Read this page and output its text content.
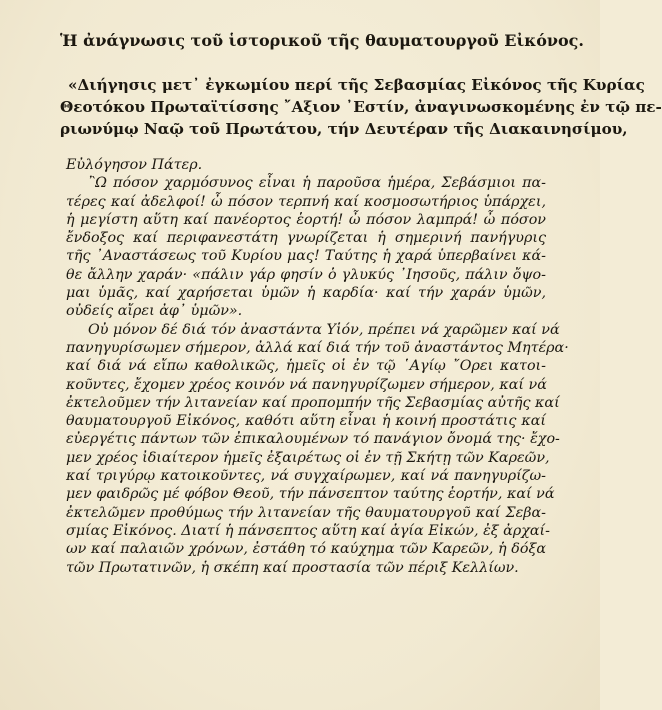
Ἡ ἀνάγνωσις τοῦ ἱστορικοῦ τῆς θαυματουργοῦ Εἰκόνος.
«Διήγησις μετ᾽ ἐγκωμίου περί τῆς Σεβασμίας Εἰκόνος τῆς Κυρίας
Θεοτόκου Πρωταϊτίσσης ῎Αξιον ᾽Εστίν, ἀναγινωσκομένης ἐν τῷ πε-
ριωνύμῳ Ναῷ τοῦ Πρωτάτου, τήν Δευτέραν τῆς Διακαινησίμου,
Εὐλόγησον Πάτερ.
῍Ω πόσον χαρμόσυνος εἶναι ἡ παροῦσα ἡμέρα, Σεβάσμιοι πα-
τέρες καί ἀδελφοί! ὦ πόσον τερπνή καί κοσμοσωτήριος ὑπάρχει,
ἡ μεγίστη αὕτη καί πανέορτος ἑορτή! ὦ πόσον λαμπρά! ὦ πόσον
ἔνδοξος καί περιφανεστάτη γνωρίζεται ἡ σημερινή πανήγυρις
τῆς ᾽Αναστάσεως τοῦ Κυρίου μας! Ταύτης ἡ χαρά ὑπερβαίνει κά-
θε ἄλλην χαράν· «πάλιν γάρ φησίν ὁ γλυκύς ᾽Ιησοῦς, πάλιν ὄψο-
μαι ὑμᾶς, καί χαρήσεται ὑμῶν ἡ καρδία· καί τήν χαράν ὑμῶν,
οὐδείς αἴρει ἀφ᾽ ὑμῶν».
Οὐ μόνον δέ διά τόν ἀναστάντα Υἱόν, πρέπει νά χαρῶμεν καί νά
πανηγυρίσωμεν σήμερον, ἀλλά καί διά τήν τοῦ ἀναστάντος Μητέρα·
καί διά νά εἴπω καθολικῶς, ἡμεῖς οἱ ἐν τῷ ῾Αγίῳ ῎Ορει κατοι-
κοῦντες, ἔχομεν χρέος κοινόν νά πανηγυρίζωμεν σήμερον, καί νά
ἐκτελοῦμεν τήν λιτανείαν καί προπομπήν τῆς Σεβασμίας αὐτῆς καί
θαυματουργοῦ Εἰκόνος, καθότι αὕτη εἶναι ἡ κοινή προστάτις καί
εὐεργέτις πάντων τῶν ἐπικαλουμένων τό πανάγιον ὄνομά της· ἔχο-
μεν χρέος ἰδιαίτερον ἡμεῖς ἐξαιρέτως οἱ ἐν τῇ Σκήτῃ τῶν Καρεῶν,
καί τριγύρῳ κατοικοῦντες, νά συγχαίρωμεν, καί νά πανηγυρίζω-
μεν φαιδρῶς μέ φόβον Θεοῦ, τήν πάνσεπτον ταύτης ἑορτήν, καί νά
ἐκτελῶμεν προθύμως τήν λιτανείαν τῆς θαυματουργοῦ καί Σεβα-
σμίας Εἰκόνος. Διατί ἡ πάνσεπτος αὕτη καί ἁγία Εἰκών, ἐξ ἀρχαί-
ων καί παλαιῶν χρόνων, ἐστάθη τό καύχημα τῶν Καρεῶν, ἡ δόξα
τῶν Πρωτατινῶν, ἡ σκέπη καί προστασία τῶν πέριξ Κελλίων.
